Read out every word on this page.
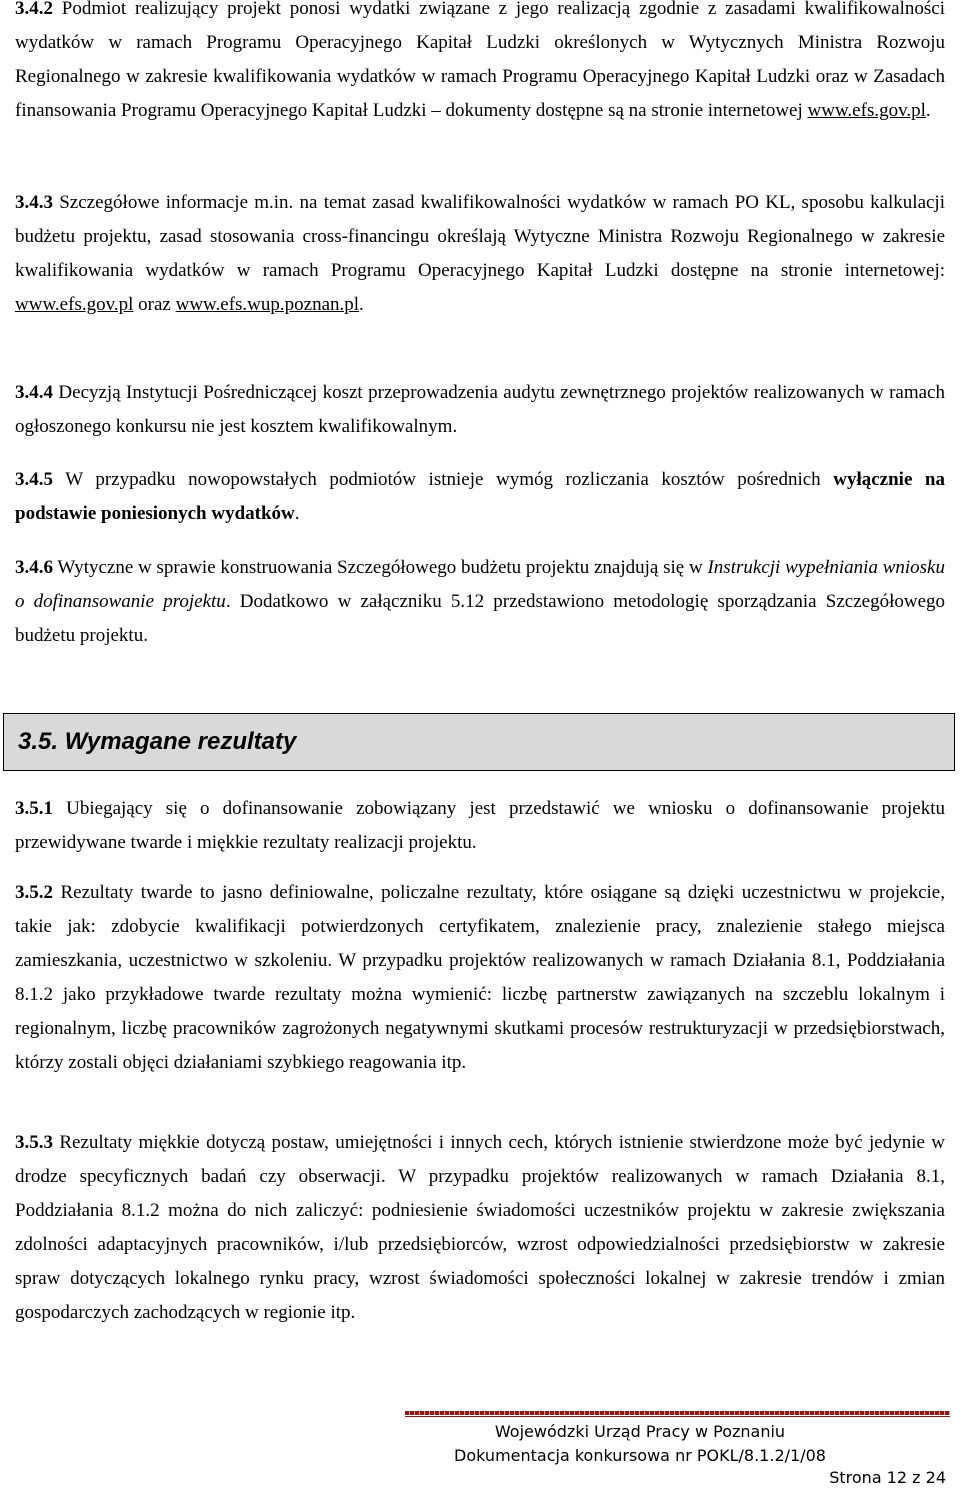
3.4.2 Podmiot realizujący projekt ponosi wydatki związane z jego realizacją zgodnie z zasadami kwalifikowalności wydatków w ramach Programu Operacyjnego Kapitał Ludzki określonych w Wytycznych Ministra Rozwoju Regionalnego w zakresie kwalifikowania wydatków w ramach Programu Operacyjnego Kapitał Ludzki oraz w Zasadach finansowania Programu Operacyjnego Kapitał Ludzki – dokumenty dostępne są na stronie internetowej www.efs.gov.pl.

3.4.3 Szczegółowe informacje m.in. na temat zasad kwalifikowalności wydatków w ramach PO KL, sposobu kalkulacji budżetu projektu, zasad stosowania cross-financingu określają Wytyczne Ministra Rozwoju Regionalnego w zakresie kwalifikowania wydatków w ramach Programu Operacyjnego Kapitał Ludzki dostępne na stronie internetowej: www.efs.gov.pl oraz www.efs.wup.poznan.pl.

3.4.4 Decyzją Instytucji Pośredniczącej koszt przeprowadzenia audytu zewnętrznego projektów realizowanych w ramach ogłoszonego konkursu nie jest kosztem kwalifikowalnym.

3.4.5 W przypadku nowopowstałych podmiotów istnieje wymóg rozliczania kosztów pośrednich wyłącznie na podstawie poniesionych wydatków.

3.4.6 Wytyczne w sprawie konstruowania Szczegółowego budżetu projektu znajdują się w Instrukcji wypełniania wniosku o dofinansowanie projektu. Dodatkowo w załączniku 5.12 przedstawiono metodologię sporządzania Szczegółowego budżetu projektu.

3.5. Wymagane rezultaty

3.5.1 Ubiegający się o dofinansowanie zobowiązany jest przedstawić we wniosku o dofinansowanie projektu przewidywane twarde i miękkie rezultaty realizacji projektu.

3.5.2 Rezultaty twarde to jasno definiowalne, policzalne rezultaty, które osiągane są dzięki uczestnictwu w projekcie, takie jak: zdobycie kwalifikacji potwierdzonych certyfikatem, znalezienie pracy, znalezienie stałego miejsca zamieszkania, uczestnictwo w szkoleniu. W przypadku projektów realizowanych w ramach Działania 8.1, Poddziałania 8.1.2 jako przykładowe twarde rezultaty można wymienić: liczbę partnerstw zawiązanych na szczeblu lokalnym i regionalnym, liczbę pracowników zagrożonych negatywnymi skutkami procesów restrukturyzacji w przedsiębiorstwach, którzy zostali objęci działaniami szybkiego reagowania itp.

3.5.3 Rezultaty miękkie dotyczą postaw, umiejętności i innych cech, których istnienie stwierdzone może być jedynie w drodze specyficznych badań czy obserwacji. W przypadku projektów realizowanych w ramach Działania 8.1, Poddziałania 8.1.2 można do nich zaliczyć: podniesienie świadomości uczestników projektu w zakresie zwiększania zdolności adaptacyjnych pracowników, i/lub przedsiębiorców, wzrost odpowiedzialności przedsiębiorstw w zakresie spraw dotyczących lokalnego rynku pracy, wzrost świadomości społeczności lokalnej w zakresie trendów i zmian gospodarczych zachodzących w regionie itp.

Wojewódzki Urząd Pracy w Poznaniu

Dokumentacja konkursowa nr POKL/8.1.2/1/08

Strona 12 z 24
